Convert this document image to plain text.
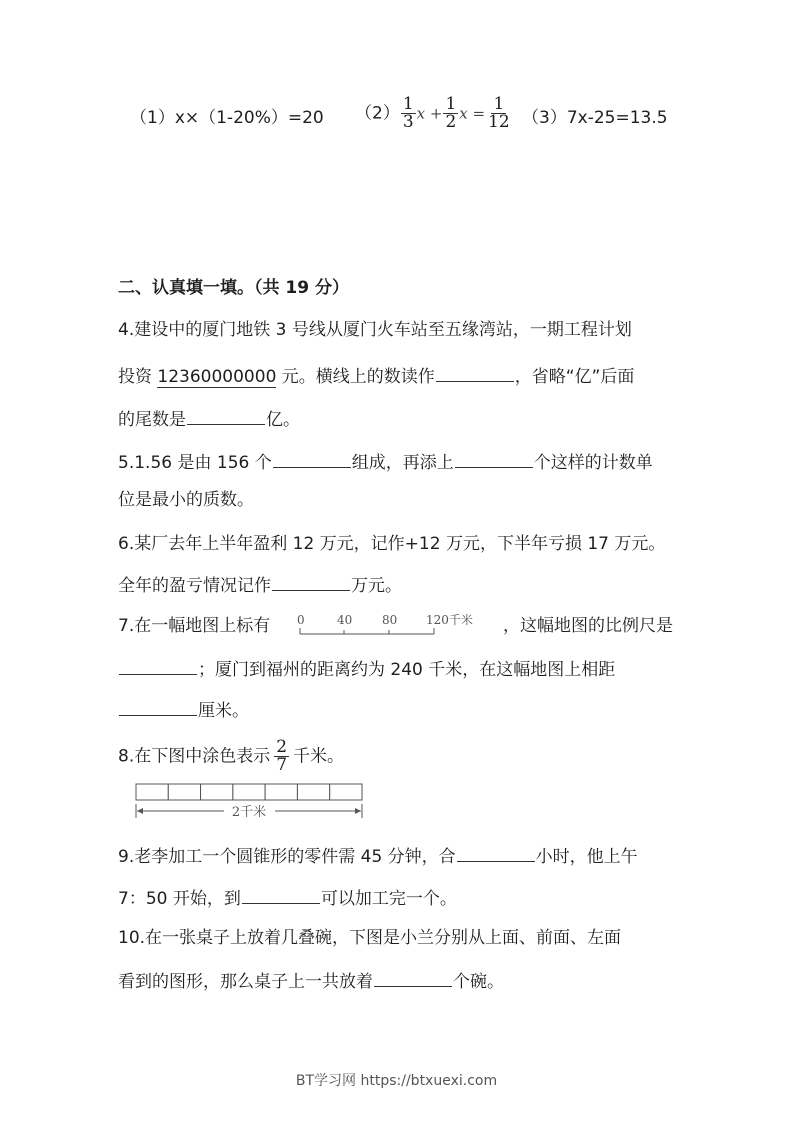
（1）x×（1-20%）=20 $(2) \frac{1}{3}$ $x + \frac{1}{2}$ $x = \frac{1}{12} (3)7x-25=13.5$
二、认真填一填。（共 19 分）
4.建设中的厦门地铁 3 号线从厦门火车站至五缘湾站，一期工程计划
投资 12360000000 元。横线上的数读作	，省略“亿”后面
的尾数是	亿。
5.1.56 是由 156 个	组成，再添上	个这样的计数单
位是最小的质数。
6.某厂去年上半年盈利 12 万元，记作+12 万元，下半年亏损 17 万元。
全年的盈亏情况记作	万元。
7.在一幅地图上标有 0	40 80 120千米 ，这幅地图的比例尺是
；厦门到福州的距离约为 240 千米，在这幅地图上相距
厘米。
8.在下图中涂色表示 $\frac{2}{7}$ 千米。
2千米
9.老李加工一个圆锥形的零件需 45 分钟，合	小时，他上午
7：50 开始，到	可以加工完一个。
10.在一张桌子上放着几叠碗，下图是小兰分别从上面、前面、左面
看到的图形，那么桌子上一共放着	个碗。
BT学习网 https://btxuexi.com
